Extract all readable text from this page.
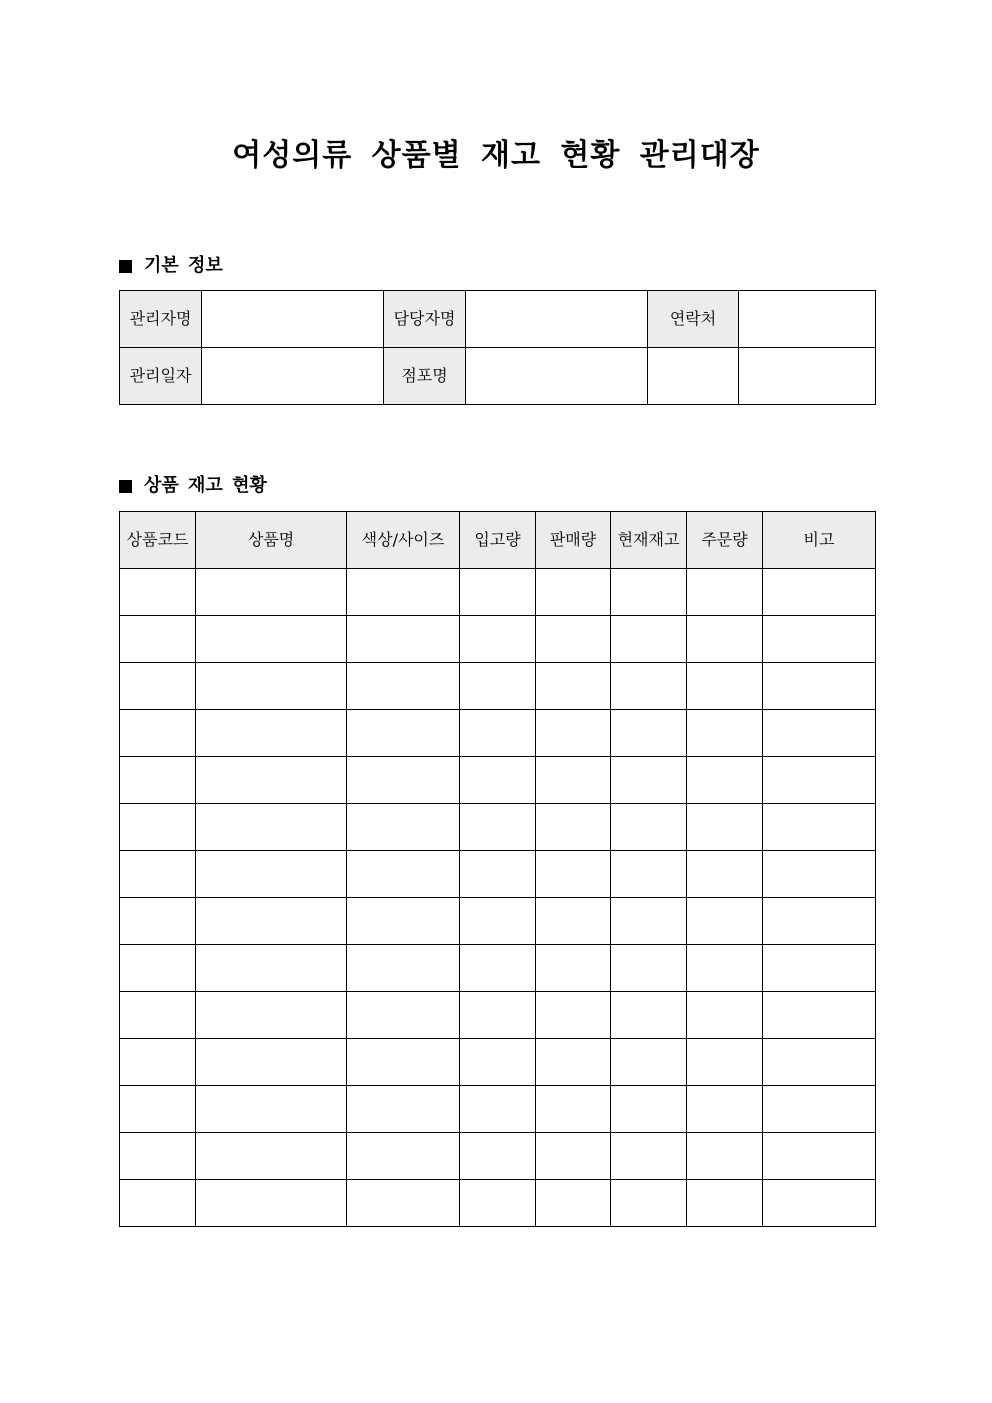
여성의류 상품별 재고 현황 관리대장
기본 정보
관리자명		담당자명		연락처	
관리일자		점포명			
상품 재고 현황
상품코드	상품명	색상/사이즈	입고량	판매량	현재재고	주문량	비고
